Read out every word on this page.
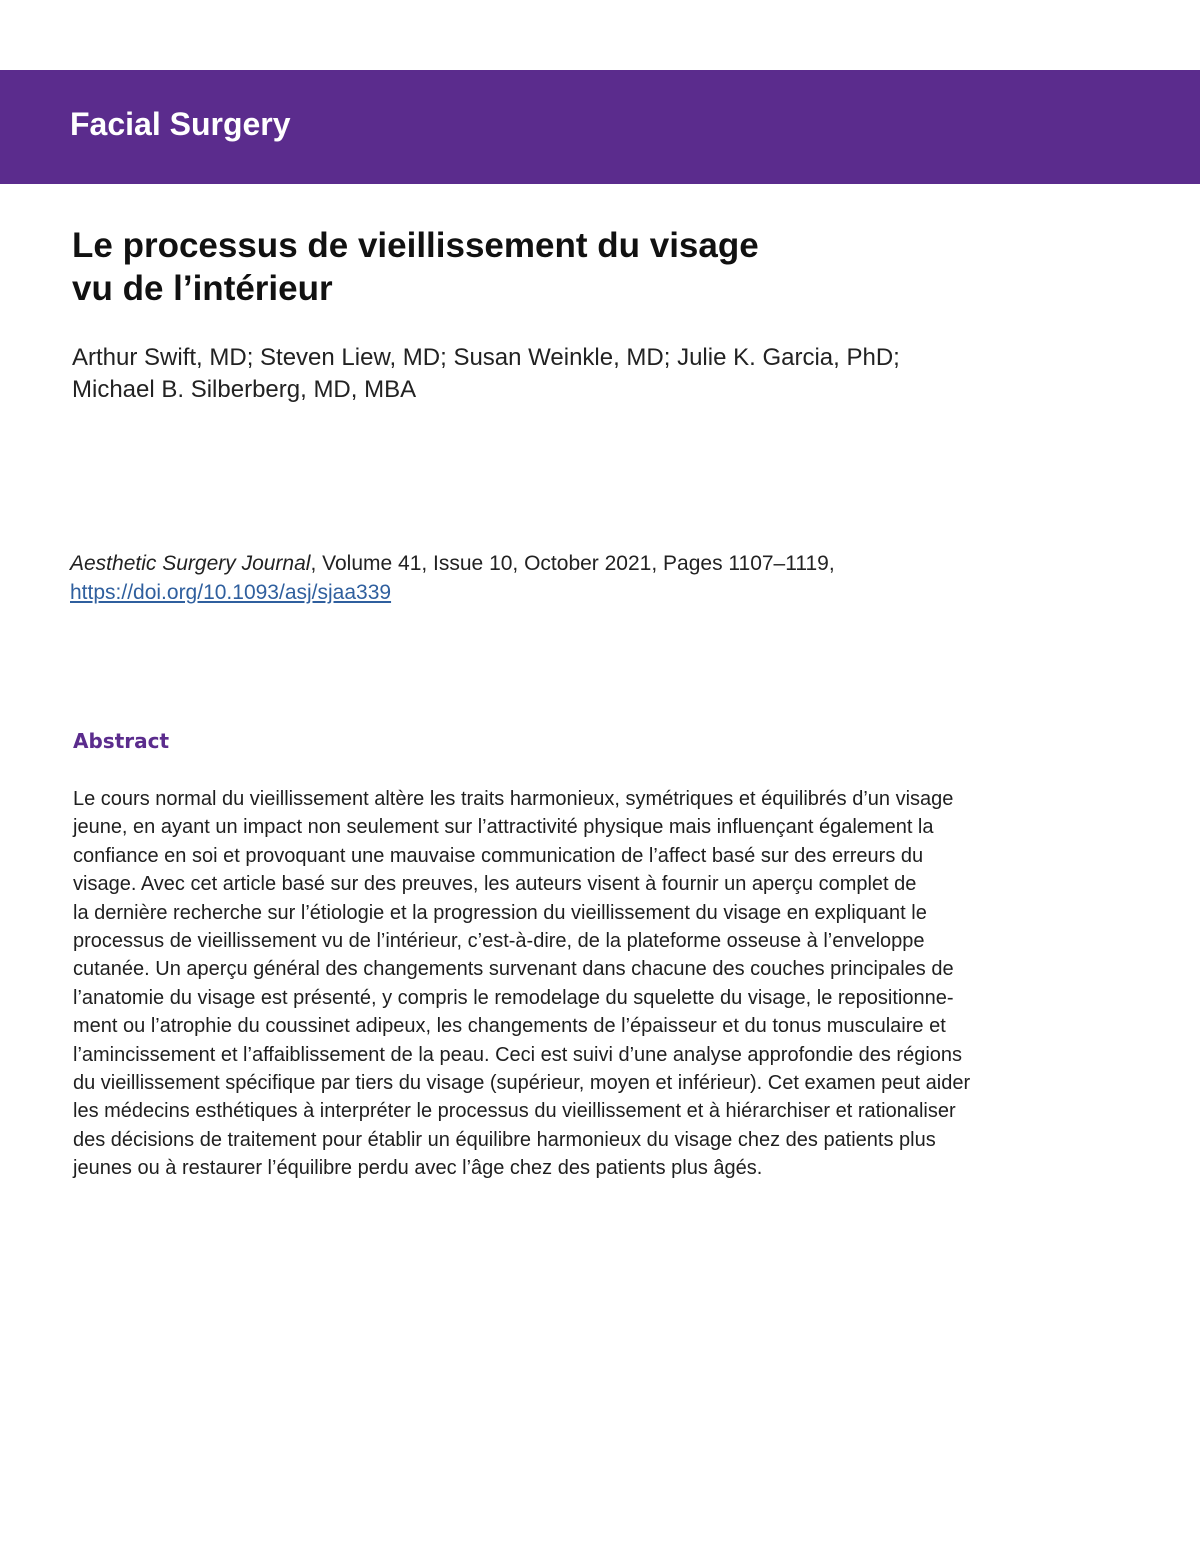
Facial Surgery
Le processus de vieillissement du visage
vu de l’intérieur
Arthur Swift, MD; Steven Liew, MD; Susan Weinkle, MD; Julie K. Garcia, PhD;
Michael B. Silberberg, MD, MBA
Aesthetic Surgery Journal, Volume 41, Issue 10, October 2021, Pages 1107–1119,
https://doi.org/10.1093/asj/sjaa339
Abstract
Le cours normal du vieillissement altère les traits harmonieux, symétriques et équilibrés d’un visage
jeune, en ayant un impact non seulement sur l’attractivité physique mais influençant également la
confiance en soi et provoquant une mauvaise communication de l’affect basé sur des erreurs du
visage. Avec cet article basé sur des preuves, les auteurs visent à fournir un aperçu complet de
la dernière recherche sur l’étiologie et la progression du vieillissement du visage en expliquant le
processus de vieillissement vu de l’intérieur, c’est-à-dire, de la plateforme osseuse à l’enveloppe
cutanée. Un aperçu général des changements survenant dans chacune des couches principales de
l’anatomie du visage est présenté, y compris le remodelage du squelette du visage, le repositionne-
ment ou l’atrophie du coussinet adipeux, les changements de l’épaisseur et du tonus musculaire et
l’amincissement et l’affaiblissement de la peau. Ceci est suivi d’une analyse approfondie des régions
du vieillissement spécifique par tiers du visage (supérieur, moyen et inférieur). Cet examen peut aider
les médecins esthétiques à interpréter le processus du vieillissement et à hiérarchiser et rationaliser
des décisions de traitement pour établir un équilibre harmonieux du visage chez des patients plus
jeunes ou à restaurer l’équilibre perdu avec l’âge chez des patients plus âgés.
